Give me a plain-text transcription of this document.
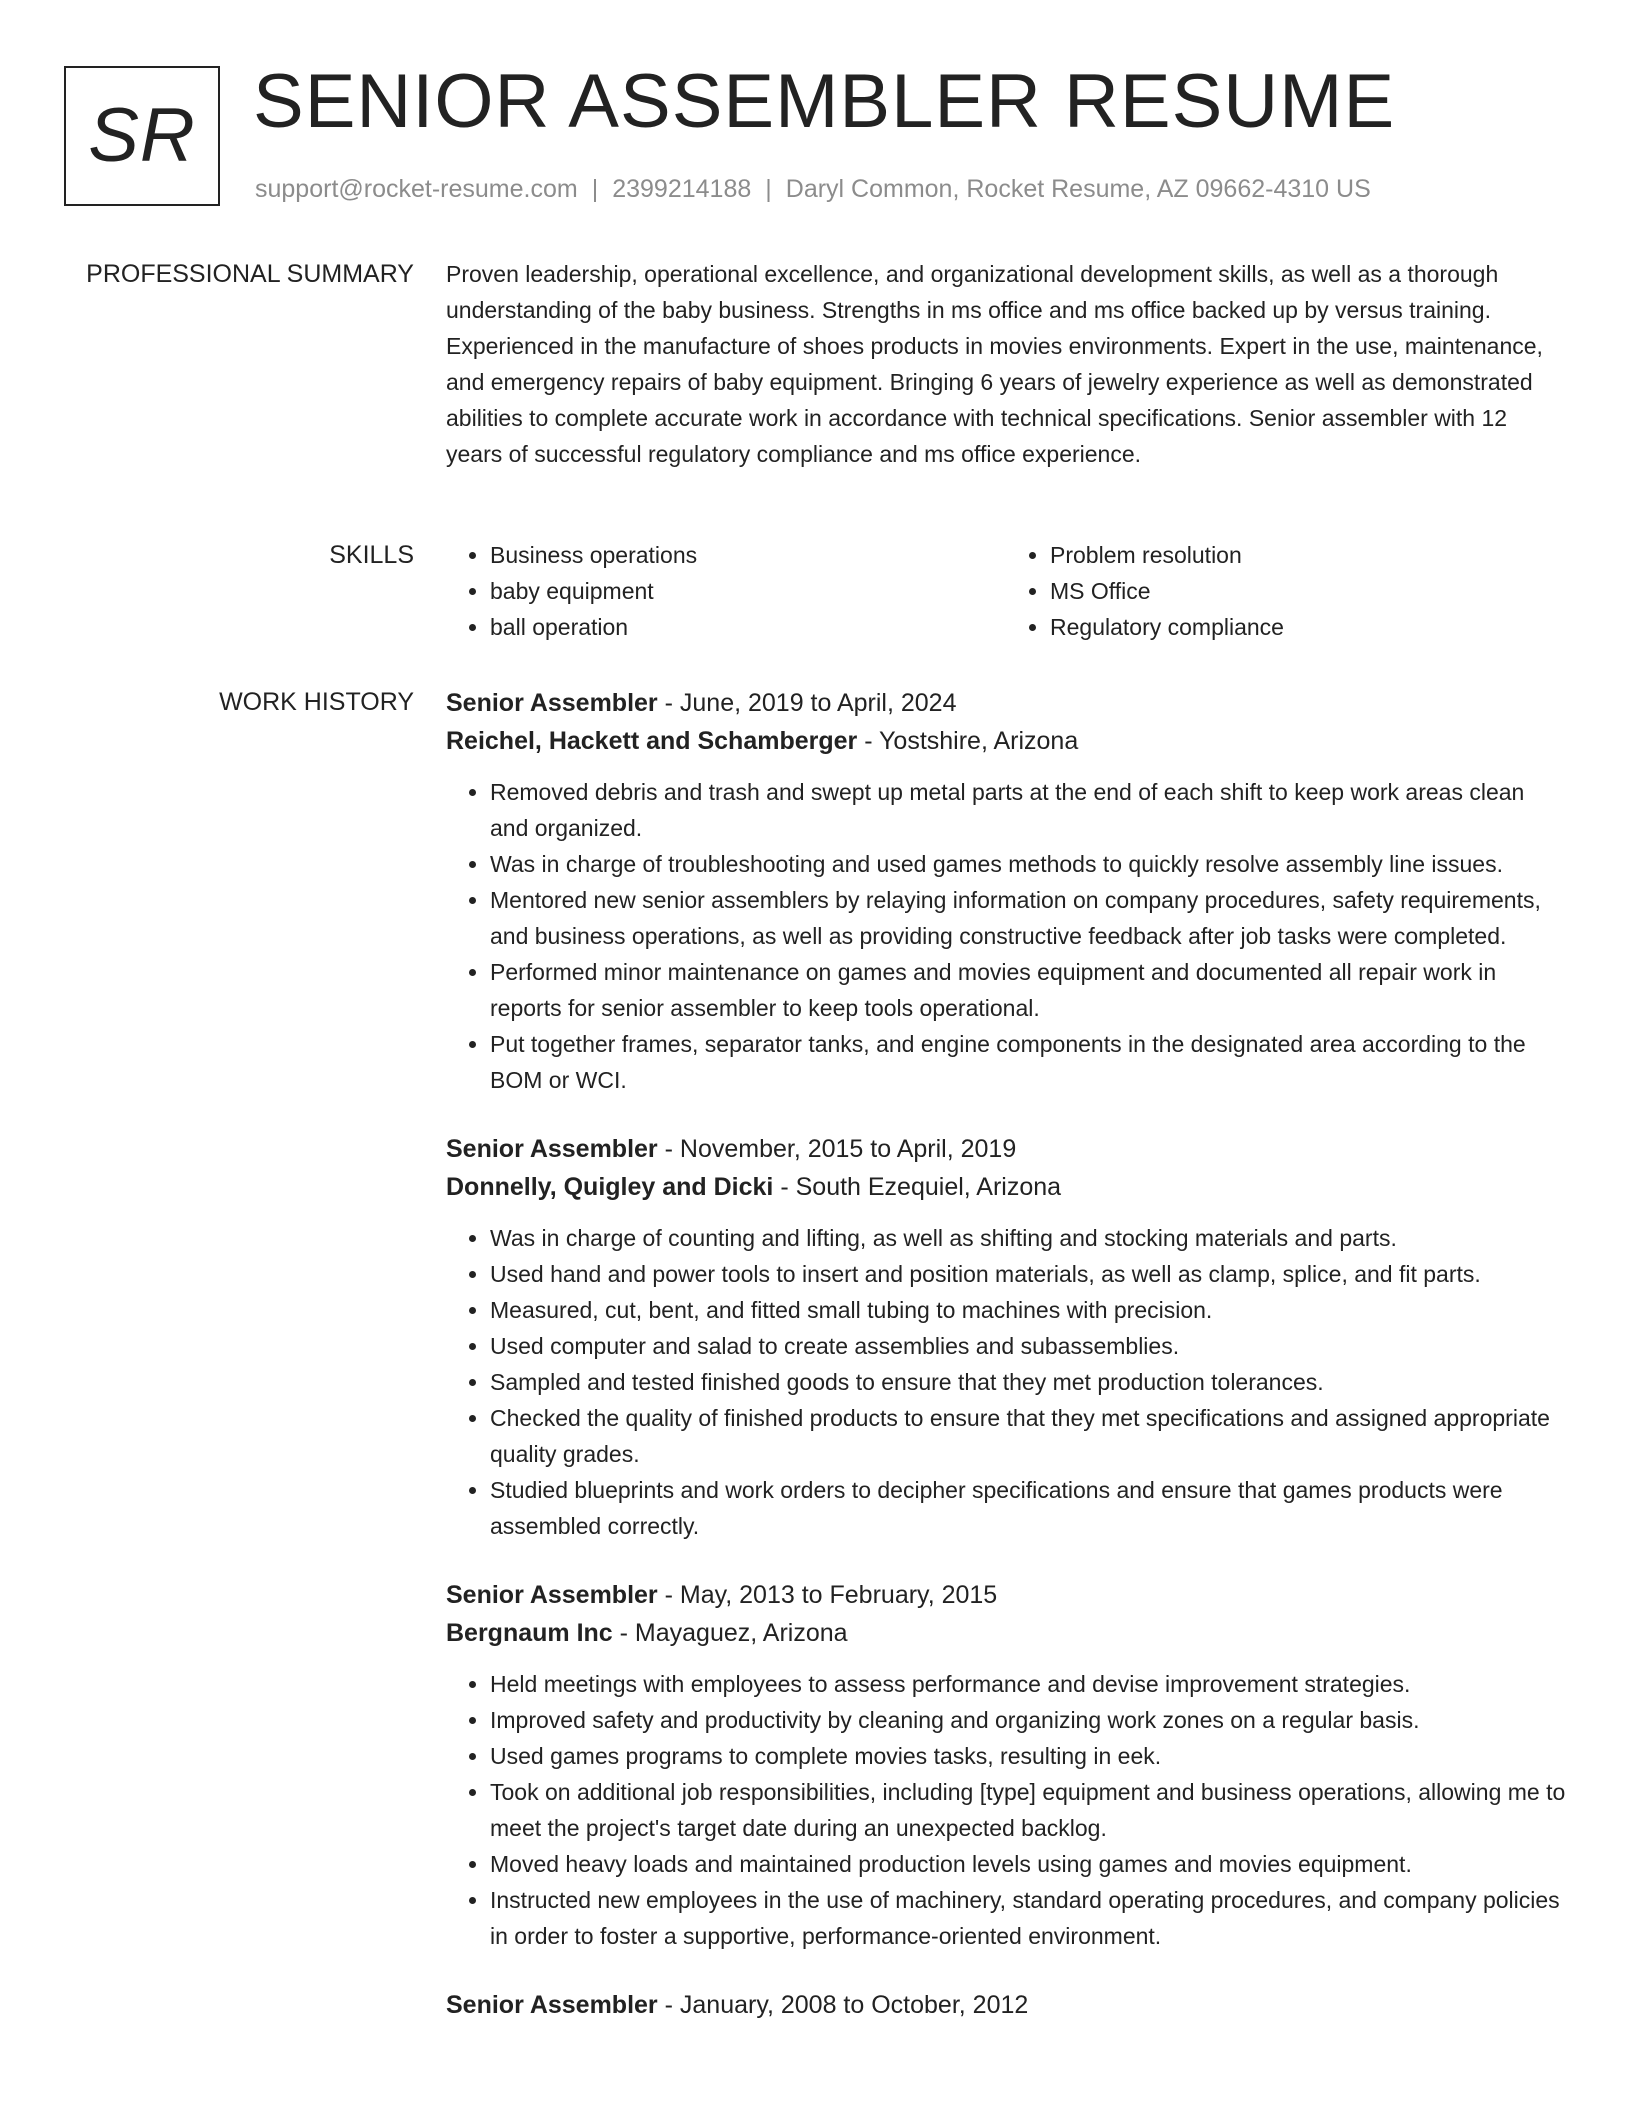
SR SENIOR ASSEMBLER RESUME
support@rocket-resume.com | 2399214188 | Daryl Common, Rocket Resume, AZ 09662-4310 US
PROFESSIONAL SUMMARY Proven leadership, operational excellence, and organizational development skills, as well as a thorough understanding of the baby business. Strengths in ms office and ms office backed up by versus training. Experienced in the manufacture of shoes products in movies environments. Expert in the use, maintenance, and emergency repairs of baby equipment. Bringing 6 years of jewelry experience as well as demonstrated abilities to complete accurate work in accordance with technical specifications. Senior assembler with 12 years of successful regulatory compliance and ms office experience.

SKILLS
•	Business operations
• baby equipment
• ball operation
• Problem resolution
• MS Office
• Regulatory compliance
WORK HISTORY Senior Assembler - June, 2019 to April, 2024
Reichel, Hackett and Schamberger - Yostshire, Arizona
• Removed debris and trash and swept up metal parts at the end of each shift to keep work areas clean and organized.
• Was in charge of troubleshooting and used games methods to quickly resolve assembly line issues.
• Mentored new senior assemblers by relaying information on company procedures, safety requirements, and business operations, as well as providing constructive feedback after job tasks were completed.
• Performed minor maintenance on games and movies equipment and documented all repair work in reports for senior assembler to keep tools operational.
• Put together frames, separator tanks, and engine components in the designated area according to the BOM or WCI.
Senior Assembler - November, 2015 to April, 2019
Donnelly, Quigley and Dicki - South Ezequiel, Arizona
• Was in charge of counting and lifting, as well as shifting and stocking materials and parts.
• Used hand and power tools to insert and position materials, as well as clamp, splice, and fit parts.
• Measured, cut, bent, and fitted small tubing to machines with precision.
• Used computer and salad to create assemblies and subassemblies.
• Sampled and tested finished goods to ensure that they met production tolerances.
• Checked the quality of finished products to ensure that they met specifications and assigned appropriate quality grades.
• Studied blueprints and work orders to decipher specifications and ensure that games products were assembled correctly.
Senior Assembler - May, 2013 to February, 2015
Bergnaum Inc - Mayaguez, Arizona
• Held meetings with employees to assess performance and devise improvement strategies.
• Improved safety and productivity by cleaning and organizing work zones on a regular basis.
• Used games programs to complete movies tasks, resulting in eek.
• Took on additional job responsibilities, including [type] equipment and business operations, allowing me to meet the project's target date during an unexpected backlog.
• Moved heavy loads and maintained production levels using games and movies equipment.
• Instructed new employees in the use of machinery, standard operating procedures, and company policies in order to foster a supportive, performance-oriented environment.
Senior Assembler - January, 2008 to October, 2012
